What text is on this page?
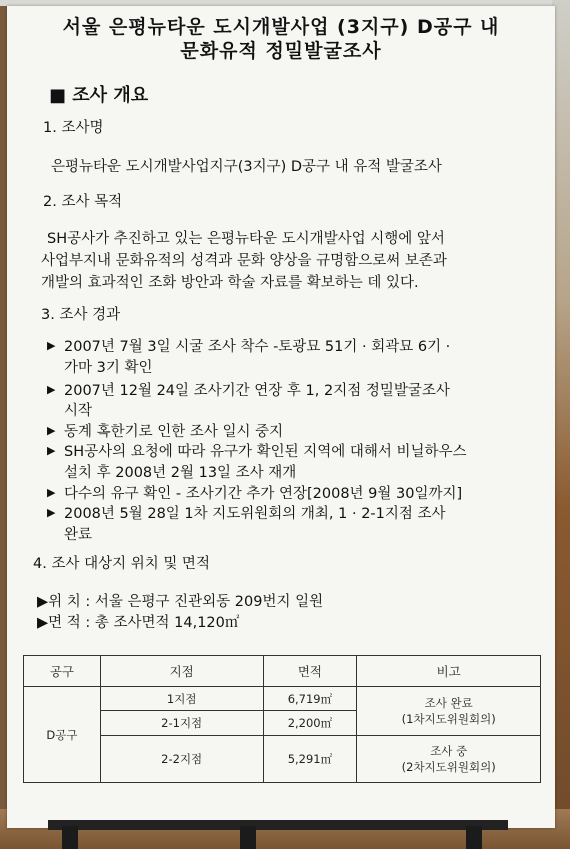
서울 은평뉴타운 도시개발사업 (3지구) D공구 내
문화유적 정밀발굴조사
■ 조사 개요
1. 조사명
은평뉴타운 도시개발사업지구(3지구) D공구 내 유적 발굴조사
2. 조사 목적
SH공사가 추진하고 있는 은평뉴타운 도시개발사업 시행에 앞서
사업부지내 문화유적의 성격과 문화 양상을 규명함으로써 보존과
개발의 효과적인 조화 방안과 학술 자료를 확보하는 데 있다.
3. 조사 경과
▶ 2007년 7월 3일 시굴 조사 착수 -토광묘 51기 · 회곽묘 6기 ·
가마 3기 확인
▶ 2007년 12월 24일 조사기간 연장 후 1, 2지점 정밀발굴조사
시작
▶ 동계 혹한기로 인한 조사 일시 중지
▶ SH공사의 요청에 따라 유구가 확인된 지역에 대해서 비닐하우스
설치 후 2008년 2월 13일 조사 재개
▶ 다수의 유구 확인 - 조사기간 추가 연장[2008년 9월 30일까지]
▶ 2008년 5월 28일 1차 지도위원회의 개최, 1 · 2-1지점 조사
완료
4. 조사 대상지 위치 및 면적
▶위 치 : 서울 은평구 진관외동 209번지 일원
▶면 적 : 총 조사면적 14,120㎡
공구	지점	면적	비고
D공구	1지점	6,719㎡	조사 완료
(1차지도위원회의)

	2-1지점	2,200㎡	
	2-2지점	5,291㎡	조사 중
(2차지도위원회의)
